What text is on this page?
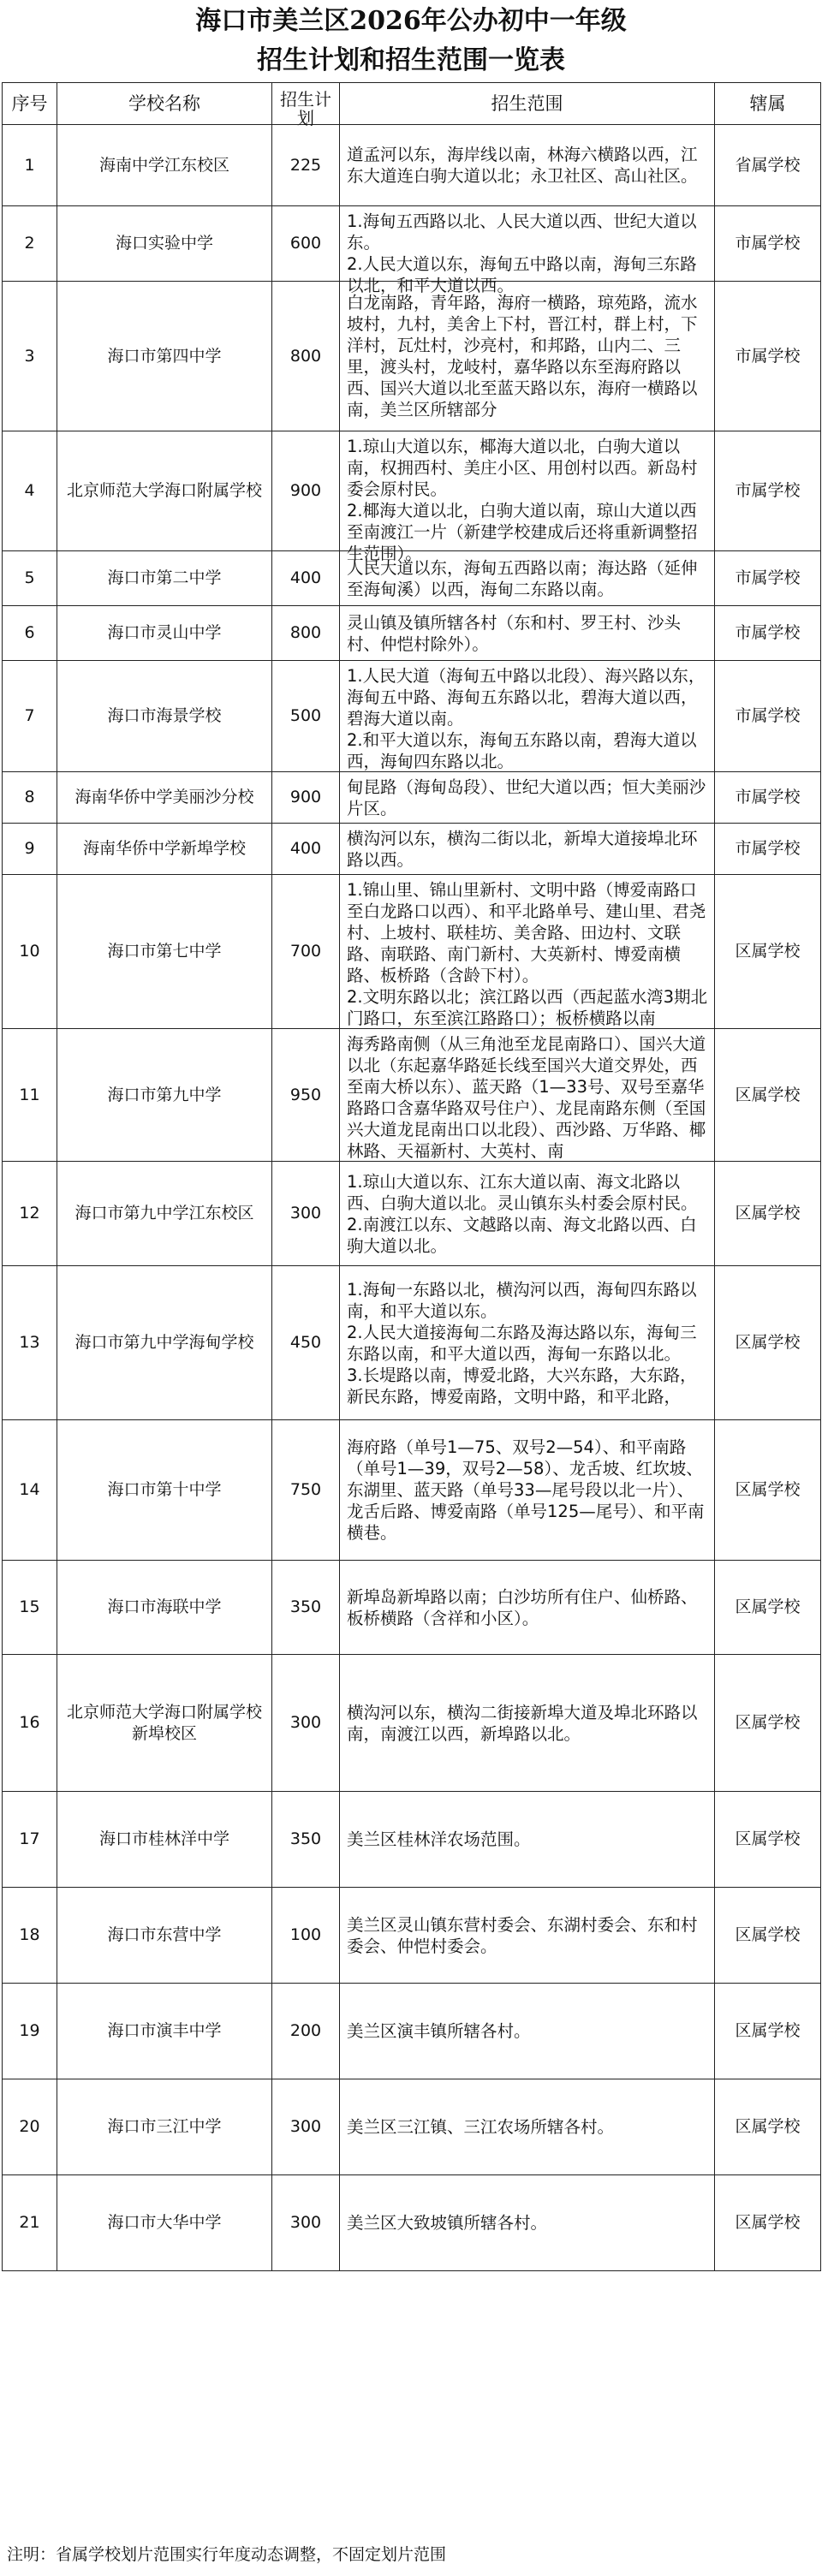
海口市美兰区2026年公办初中一年级
招生计划和招生范围一览表
序号	学校名称	招生计划	招生范围	辖属
1	海南中学江东校区	225	道孟河以东，海岸线以南，林海六横路以西，江东大道连白驹大道以北；永卫社区、高山社区。	省属学校
2	海口实验中学	600	1.海甸五西路以北、人民大道以西、世纪大道以东。
2.人民大道以东，海甸五中路以南，海甸三东路以北，和平大道以西。	市属学校
3	海口市第四中学	800	白龙南路，青年路，海府一横路，琼苑路，流水坡村，九村，美舍上下村，晋江村，群上村，下洋村，瓦灶村，沙亮村，和邦路，山内二、三里，渡头村，龙岐村，嘉华路以东至海府路以西、国兴大道以北至蓝天路以东，海府一横路以南，美兰区所辖部分	市属学校
4	北京师范大学海口附属学校	900	1.琼山大道以东，椰海大道以北，白驹大道以南，权拥西村、美庄小区、用创村以西。新岛村委会原村民。
2.椰海大道以北，白驹大道以南，琼山大道以西至南渡江一片（新建学校建成后还将重新调整招生范围）。	市属学校
5	海口市第二中学	400	人民大道以东，海甸五西路以南；海达路（延伸至海甸溪）以西，海甸二东路以南。	市属学校
6	海口市灵山中学	800	灵山镇及镇所辖各村（东和村、罗王村、沙头村、仲恺村除外）。	市属学校
7	海口市海景学校	500	1.人民大道（海甸五中路以北段）、海兴路以东，海甸五中路、海甸五东路以北，碧海大道以西，碧海大道以南。
2.和平大道以东，海甸五东路以南，碧海大道以西，海甸四东路以北。	市属学校
8	海南华侨中学美丽沙分校	900	甸昆路（海甸岛段）、世纪大道以西；恒大美丽沙片区。	市属学校
9	海南华侨中学新埠学校	400	横沟河以东，横沟二街以北，新埠大道接埠北环路以西。	市属学校
10	海口市第七中学	700	1.锦山里、锦山里新村、文明中路（博爱南路口至白龙路口以西）、和平北路单号、建山里、君尧村、上坡村、联桂坊、美舍路、田边村、文联路、南联路、南门新村、大英新村、博爱南横路、板桥路（含龄下村）。
2.文明东路以北；滨江路以西（西起蓝水湾3期北门路口，东至滨江路路口）；板桥横路以南	区属学校
11	海口市第九中学	950	海秀路南侧（从三角池至龙昆南路口）、国兴大道以北（东起嘉华路延长线至国兴大道交界处，西至南大桥以东）、蓝天路（1—33号、双号至嘉华路路口含嘉华路双号住户）、龙昆南路东侧（至国兴大道龙昆南出口以北段）、西沙路、万华路、椰林路、天福新村、大英村、南	区属学校
12	海口市第九中学江东校区	300	1.琼山大道以东、江东大道以南、海文北路以西、白驹大道以北。灵山镇东头村委会原村民。
2.南渡江以东、文越路以南、海文北路以西、白驹大道以北。	区属学校
13	海口市第九中学海甸学校	450	1.海甸一东路以北，横沟河以西，海甸四东路以南，和平大道以东。
2.人民大道接海甸二东路及海达路以东，海甸三东路以南，和平大道以西，海甸一东路以北。
3.长堤路以南，博爱北路，大兴东路，大东路，新民东路，博爱南路，文明中路，和平北路，	区属学校
14	海口市第十中学	750	海府路（单号1—75、双号2—54）、和平南路（单号1—39，双号2—58）、龙舌坡、红坎坡、东湖里、蓝天路（单号33—尾号段以北一片）、龙舌后路、博爱南路（单号125—尾号）、和平南横巷。	区属学校
15	海口市海联中学	350	新埠岛新埠路以南；白沙坊所有住户、仙桥路、板桥横路（含祥和小区）。	区属学校
16	北京师范大学海口附属学校新埠校区	300	横沟河以东，横沟二街接新埠大道及埠北环路以南，南渡江以西，新埠路以北。	区属学校
17	海口市桂林洋中学	350	美兰区桂林洋农场范围。	区属学校
18	海口市东营中学	100	美兰区灵山镇东营村委会、东湖村委会、东和村委会、仲恺村委会。	区属学校
19	海口市演丰中学	200	美兰区演丰镇所辖各村。	区属学校
20	海口市三江中学	300	美兰区三江镇、三江农场所辖各村。	区属学校
21	海口市大华中学	300	美兰区大致坡镇所辖各村。	区属学校
注明：省属学校划片范围实行年度动态调整，不固定划片范围
